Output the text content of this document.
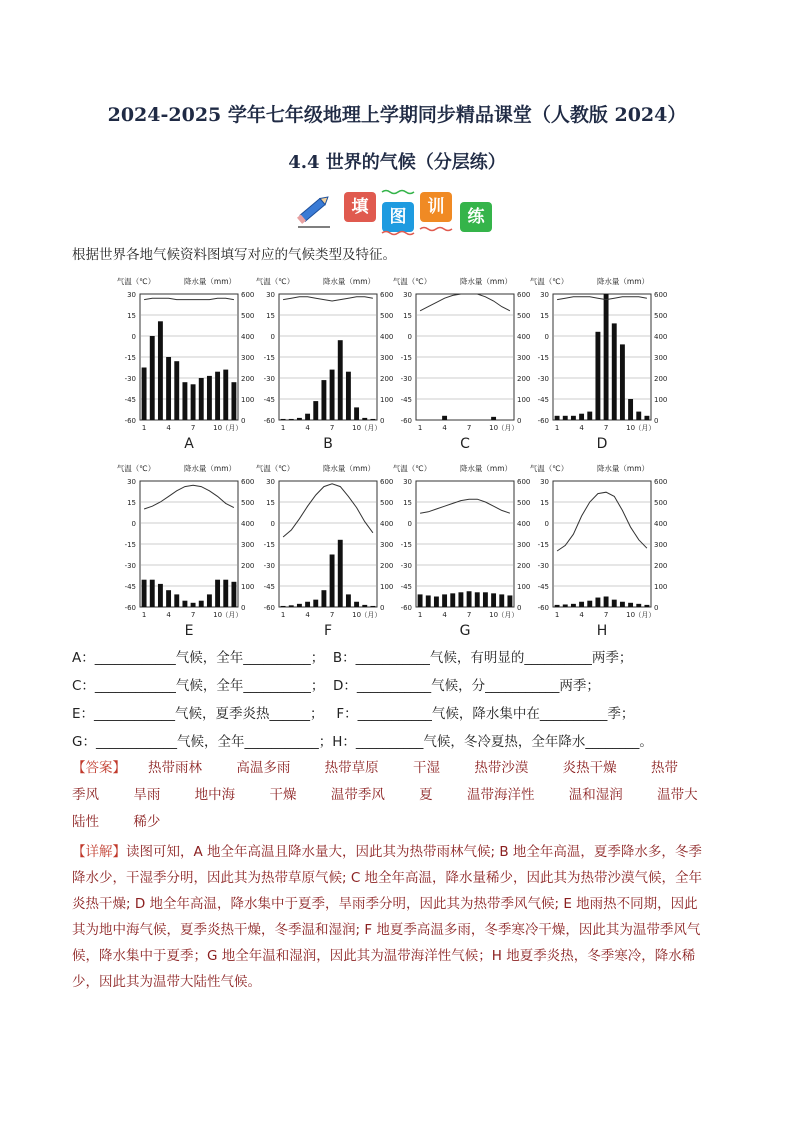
2024-2025 学年七年级地理上学期同步精品课堂（人教版 2024）
4.4 世界的气候（分层练）
填	图	训	练
根据世界各地气候资料图填写对应的气候类型及特征。
气温（℃）	降水量（mm）
30	600
15	500
0	400
-15	300
-30	200
-45	100
-60	0
1	4	7	10 （月）
A
气温（℃）	降水量（mm）
30	600
15	500
0	400
-15	300
-30	200
-45	100
-60	0
1	4	7	10 （月）
B
气温（℃）	降水量（mm）
30	600
15	500
0	400
-15	300
-30	200
-45	100
-60	0
1	4	7	10 （月）
C
气温（℃）	降水量（mm）
30	600
15	500
0	400
-15	300
-30	200
-45	100
-60	0
1	4	7	10 （月）
D
气温（℃）	降水量（mm）
30	600
15	500
0	400
-15	300
-30	200
-45	100
-60	0
1	4	7	10 （月）
E
气温（℃）	降水量（mm）
30	600
15	500
0	400
-15	300
-30	200
-45	100
-60	0
1	4	7	10 （月）
F
气温（℃）	降水量（mm）
30	600
15	500
0	400
-15	300
-30	200
-45	100
-60	0
1	4	7	10 （月）
G
气温（℃）	降水量（mm）
30	600
15	500
0	400
-15	300
-30	200
-45	100
-60	0
1	4	7	10 （月）
H
A：____________气候，全年__________；  B：___________气候，有明显的__________两季；
C：____________气候，全年__________；  D：___________气候，分___________两季；
E：____________气候，夏季炎热______；   F：___________气候，降水集中在__________季；
G：____________气候，全年___________；H：__________气候，冬冷夏热，全年降水________。
【答案】 热带雨林        高温多雨        热带草原        干湿        热带沙漠        炎热干燥        热带
季风        旱雨        地中海        干燥        温带季风        夏        温带海洋性        温和湿润        温带大
陆性        稀少
【详解】读图可知，A 地全年高温且降水量大，因此其为热带雨林气候; B 地全年高温，夏季降水多，冬季
降水少，干湿季分明，因此其为热带草原气候; C 地全年高温，降水量稀少，因此其为热带沙漠气候，全年
炎热干燥; D 地全年高温，降水集中于夏季，旱雨季分明，因此其为热带季风气候; E 地雨热不同期，因此
其为地中海气候，夏季炎热干燥，冬季温和湿润; F 地夏季高温多雨，冬季寒冷干燥，因此其为温带季风气
候，降水集中于夏季；G 地全年温和湿润，因此其为温带海洋性气候；H 地夏季炎热，冬季寒冷，降水稀
少，因此其为温带大陆性气候。
